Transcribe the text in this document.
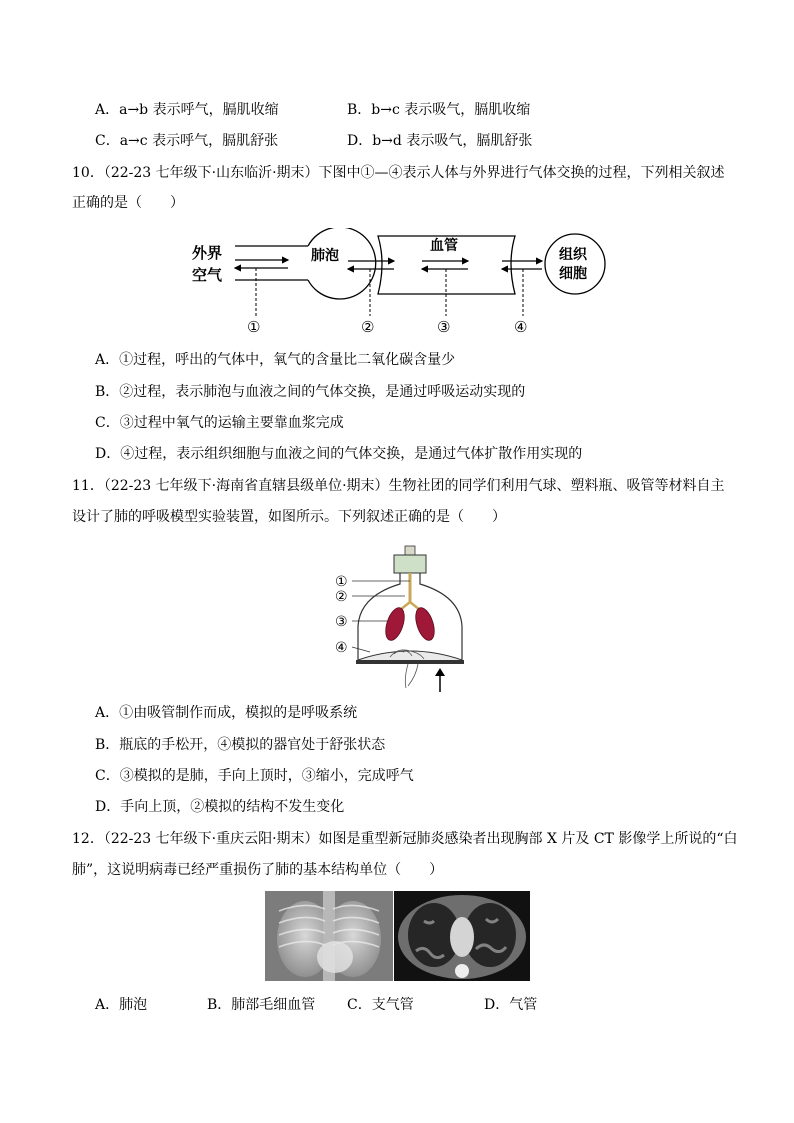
A．a→b 表示呼气，膈肌收缩	B．b→c 表示吸气，膈肌收缩
C．a→c 表示呼气，膈肌舒张	D．b→d 表示吸气，膈肌舒张
10．（22-23 七年级下·山东临沂·期末）下图中①—④表示人体与外界进行气体交换的过程，下列相关叙述
正确的是（　　）
外界
空气
肺泡
血管
组织
细胞
①	②	③	④
A．①过程，呼出的气体中，氧气的含量比二氧化碳含量少
B．②过程，表示肺泡与血液之间的气体交换，是通过呼吸运动实现的
C．③过程中氧气的运输主要靠血浆完成
D．④过程，表示组织细胞与血液之间的气体交换，是通过气体扩散作用实现的
11．（22-23 七年级下·海南省直辖县级单位·期末）生物社团的同学们利用气球、塑料瓶、吸管等材料自主
设计了肺的呼吸模型实验装置，如图所示。下列叙述正确的是（　　）
①
②
③
④
A．①由吸管制作而成，模拟的是呼吸系统
B．瓶底的手松开，④模拟的器官处于舒张状态
C．③模拟的是肺，手向上顶时，③缩小，完成呼气
D．手向上顶，②模拟的结构不发生变化
12．（22-23 七年级下·重庆云阳·期末）如图是重型新冠肺炎感染者出现胸部 X 片及 CT 影像学上所说的“白
肺”，这说明病毒已经严重损伤了肺的基本结构单位（　　）
A．肺泡	B．肺部毛细血管 C．支气管	D．气管
